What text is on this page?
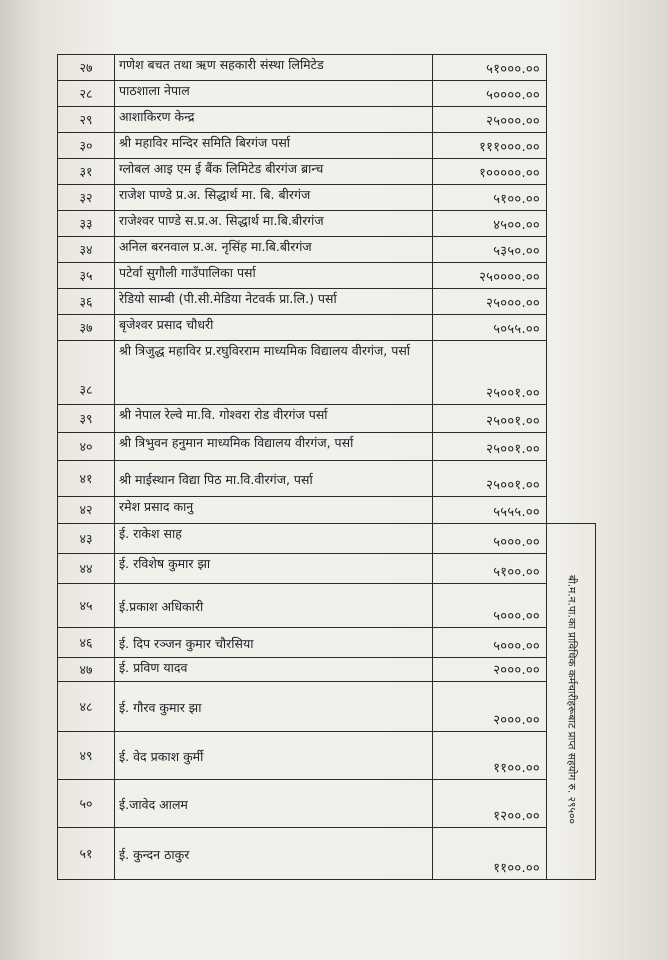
२७	गणेश बचत तथा ऋण सहकारी संस्था लिमिटेड	५१०००.००	
२८	पाठशाला नेपाल	५००००.००	
२९	आशाकिरण केन्द्र	२५०००.००	
३०	श्री महाविर मन्दिर समिति बिरगंज पर्सा	१११०००.००	
३१	ग्लोबल आइ एम ई बैंक लिमिटेड बीरगंज ब्रान्च	१०००००.००	
३२	राजेश पाण्डे प्र.अ. सिद्धार्थ मा. बि. बीरगंज	५१००.००	
३३	राजेश्वर पाण्डे स.प्र.अ. सिद्धार्थ मा.बि.बीरगंज	४५००.००	
३४	अनिल बरनवाल प्र.अ. नृसिंह मा.बि.बीरगंज	५३५०.००	
३५	पटेर्वा सुगौली गाउँपालिका पर्सा	२५००००.००	
३६	रेडियो साम्बी (पी.सी.मेडिया नेटवर्क प्रा.लि.) पर्सा	२५०००.००	
३७	बृजेश्वर प्रसाद चौधरी	५०५५.००	
३८	श्री त्रिजुद्ध महाविर प्र.रघुविरराम माध्यमिक विद्यालय वीरगंज, पर्सा	२५००१.००	
३९	श्री नेपाल रेल्वे मा.वि. गोश्वरा रोड वीरगंज पर्सा	२५००१.००	
४०	श्री त्रिभुवन हनुमान माध्यमिक विद्यालय वीरगंज, पर्सा	२५००१.००	
४१	श्री माईस्थान विद्या पिठ मा.वि.वीरगंज, पर्सा	२५००१.००	
४२	रमेश प्रसाद कानु	५५५५.००	
४३	ई. राकेश साह	५०००.००	बी.म.न.पा.का प्राविधिक कर्मचारीहरूबाट प्राप्त सहयोग रु. २९५००
४४	ई. रविशेष कुमार झा	५१००.००	
४५	ई.प्रकाश अधिकारी	५०००.००	
४६	ई. दिप रञ्जन कुमार चौरसिया	५०००.००	
४७	ई. प्रविण यादव	२०००.००	
४८	ई. गौरव कुमार झा	२०००.००	
४९	ई. वेद प्रकाश कुर्मी	११००.००	
५०	ई.जावेद आलम	१२००.००	
५१	ई. कुन्दन ठाकुर	११००.००	
